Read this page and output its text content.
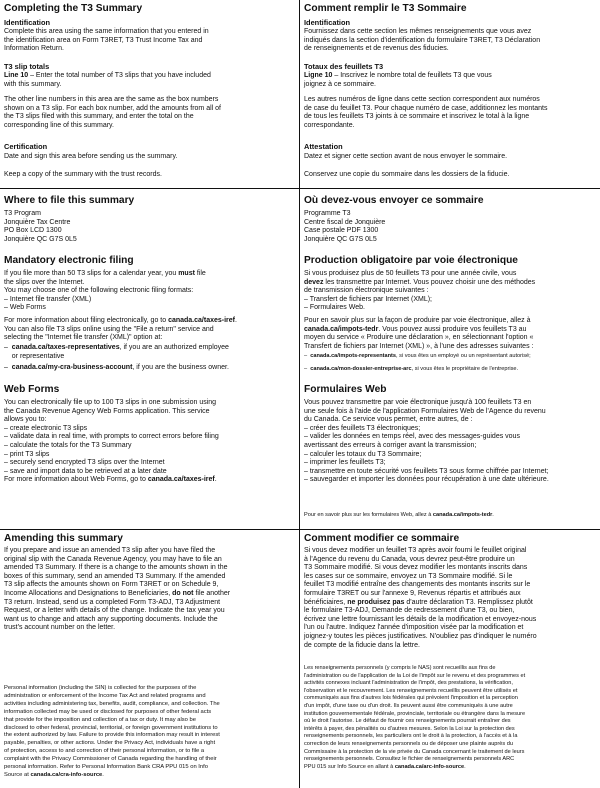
Completing the T3 Summary
Identification

Complete this area using the same information that you entered in
the identification area on Form T3RET, T3 Trust Income Tax and
Information Return.

T3 slip totals

Line 10 – Enter the total number of T3 slips that you have included
with this summary.

The other line numbers in this area are the same as the box numbers
shown on a T3 slip. For each box number, add the amounts from all of
the T3 slips filed with this summary, and enter the total on the
corresponding line of this summary.

Certification

Date and sign this area before sending us the summary.

Keep a copy of the summary with the trust records.

Where to file this summary

T3 Program
Jonquière Tax Centre
PO Box LCD 1300
Jonquière QC G7S 0L5

Mandatory electronic filing

If you file more than 50 T3 slips for a calendar year, you must file
the slips over the Internet.
You may choose one of the following electronic filing formats:
– Internet file transfer (XML)
– Web Forms

For more information about filing electronically, go to canada.ca/taxes-iref.
You can also file T3 slips online using the "File a return" service and
selecting the "Internet file transfer (XML)" option at:

–  canada.ca/taxes-representatives, if you are an authorized employee
or representative

–  canada.ca/my-cra-business-account, if you are the business owner.

Web Forms

You can electronically file up to 100 T3 slips in one submission using
the Canada Revenue Agency Web Forms application. This service
allows you to:
– create electronic T3 slips
– validate data in real time, with prompts to correct errors before filing
– calculate the totals for the T3 Summary
– print T3 slips
– securely send encrypted T3 slips over the Internet
– save and import data to be retrieved at a later date
For more information about Web Forms, go to canada.ca/taxes-iref.

Amending this summary

If you prepare and issue an amended T3 slip after you have filed the
original slip with the Canada Revenue Agency, you may have to file an
amended T3 Summary. If there is a change to the amounts shown in the
boxes of this summary, send an amended T3 Summary. If the amended
T3 slip affects the amounts shown on Form T3RET or on Schedule 9,
Income Allocations and Designations to Beneficiaries, do not file another
T3 return. Instead, send us a completed Form T3-ADJ, T3 Adjustment
Request, or a letter with details of the change. Indicate the tax year you
want us to change and attach any supporting documents. Include the
trust's account number on the letter.

Personal information (including the SIN) is collected for the purposes of the
administration or enforcement of the Income Tax Act and related programs and
activities including administering tax, benefits, audit, compliance, and collection. The
information collected may be used or disclosed for purposes of other federal acts
that provide for the imposition and collection of a tax or duty. It may also be
disclosed to other federal, provincial, territorial, or foreign government institutions to
the extent authorized by law. Failure to provide this information may result in interest
payable, penalties, or other actions. Under the Privacy Act, individuals have a right
of protection, access to and correction of their personal information, or to file a
complaint with the Privacy Commissioner of Canada regarding the handling of their
personal information. Refer to Personal Information Bank CRA PPU 015 on Info
Source at canada.ca/cra-info-source.

Comment remplir le T3 Sommaire
Identification

Fournissez dans cette section les mêmes renseignements que vous avez
indiqués dans la section d'identification du formulaire T3RET, T3 Déclaration
de renseignements et de revenus des fiducies.

Totaux des feuillets T3

Ligne 10 – Inscrivez le nombre total de feuillets T3 que vous
joignez à ce sommaire.

Les autres numéros de ligne dans cette section correspondent aux numéros
de case du feuillet T3. Pour chaque numéro de case, additionnez les montants
de tous les feuillets T3 joints à ce sommaire et inscrivez le total à la ligne
correspondante.

Attestation

Datez et signer cette section avant de nous envoyer le sommaire.

Conservez une copie du sommaire dans les dossiers de la fiducie.

Où devez-vous envoyer ce sommaire

Programme T3
Centre fiscal de Jonquière
Case postale PDF 1300
Jonquière QC G7S 0L5

Production obligatoire par voie électronique

Si vous produisez plus de 50 feuillets T3 pour une année civile, vous
devez les transmettre par Internet. Vous pouvez choisir une des méthodes
de transmission électronique suivantes :
– Transfert de fichiers par Internet (XML);
– Formulaires Web.

Pour en savoir plus sur la façon de produire par voie électronique, allez à
canada.ca/impots-tedr. Vous pouvez aussi produire vos feuillets T3 au
moyen du service « Produire une déclaration », en sélectionnant l'option «
Transfert de fichiers par Internet (XML) », à l'une des adresses suivantes :

–  canada.ca/impots-representants, si vous êtes un employé ou un représentant autorisé;

–  canada.ca/mon-dossier-entreprise-arc, si vous êtes le propriétaire de l'entreprise.

Formulaires Web

Vous pouvez transmettre par voie électronique jusqu'à 100 feuillets T3 en
une seule fois à l'aide de l'application Formulaires Web de l'Agence du revenu
du Canada. Ce service vous permet, entre autres, de :
– créer des feuillets T3 électroniques;
– valider les données en temps réel, avec des messages-guides vous
avertissant des erreurs à corriger avant la transmission;
– calculer les totaux du T3 Sommaire;
– imprimer les feuillets T3;
– transmettre en toute sécurité vos feuillets T3 sous forme chiffrée par Internet;
– sauvegarder et importer les données pour récupération à une date ultérieure.

Pour en savoir plus sur les formulaires Web, allez à canada.ca/impots-tedr.

Comment modifier ce sommaire

Si vous devez modifier un feuillet T3 après avoir fourni le feuillet original
à l'Agence du revenu du Canada, vous devrez peut-être produire un
T3 Sommaire modifié. Si vous devez modifier les montants inscrits dans
les cases sur ce sommaire, envoyez un T3 Sommaire modifié. Si le
feuillet T3 modifié entraîne des changements des montants inscrits sur le
formulaire T3RET ou sur l'annexe 9, Revenus répartis et attribués aux
bénéficiaires, ne produisez pas d'autre déclaration T3. Remplissez plutôt
le formulaire T3-ADJ, Demande de redressement d'une T3, ou bien,
écrivez une lettre fournissant les détails de la modification et envoyez-nous
l'un ou l'autre. Indiquez l'année d'imposition visée par la modification et
joignez-y toutes les pièces justificatives. N'oubliez pas d'indiquer le numéro
de compte de la fiducie dans la lettre.

Les renseignements personnels (y compris le NAS) sont recueillis aux fins de
l'administration ou de l'application de la Loi de l'impôt sur le revenu et des programmes et
activités connexes incluant l'administration de l'impôt, des prestations, la vérification,
l'observation et le recouvrement. Les renseignements recueillis peuvent être utilisés et
communiqués aux fins d'autres lois fédérales qui prévoient l'imposition et la perception
d'un impôt, d'une taxe ou d'un droit. Ils peuvent aussi être communiqués à une autre
institution gouvernementale fédérale, provinciale, territoriale ou étrangère dans la mesure
où le droit l'autorise. Le défaut de fournir ces renseignements pourrait entraîner des
intérêts à payer, des pénalités ou d'autres mesures. Selon la Loi sur la protection des
renseignements personnels, les particuliers ont le droit à la protection, à l'accès et à la
correction de leurs renseignements personnels ou de déposer une plainte auprès du
Commissaire à la protection de la vie privée du Canada concernant le traitement de leurs
renseignements personnels. Consultez le fichier de renseignements personnels ARC
PPU 015 sur Info Source en allant à canada.ca/arc-info-source.
